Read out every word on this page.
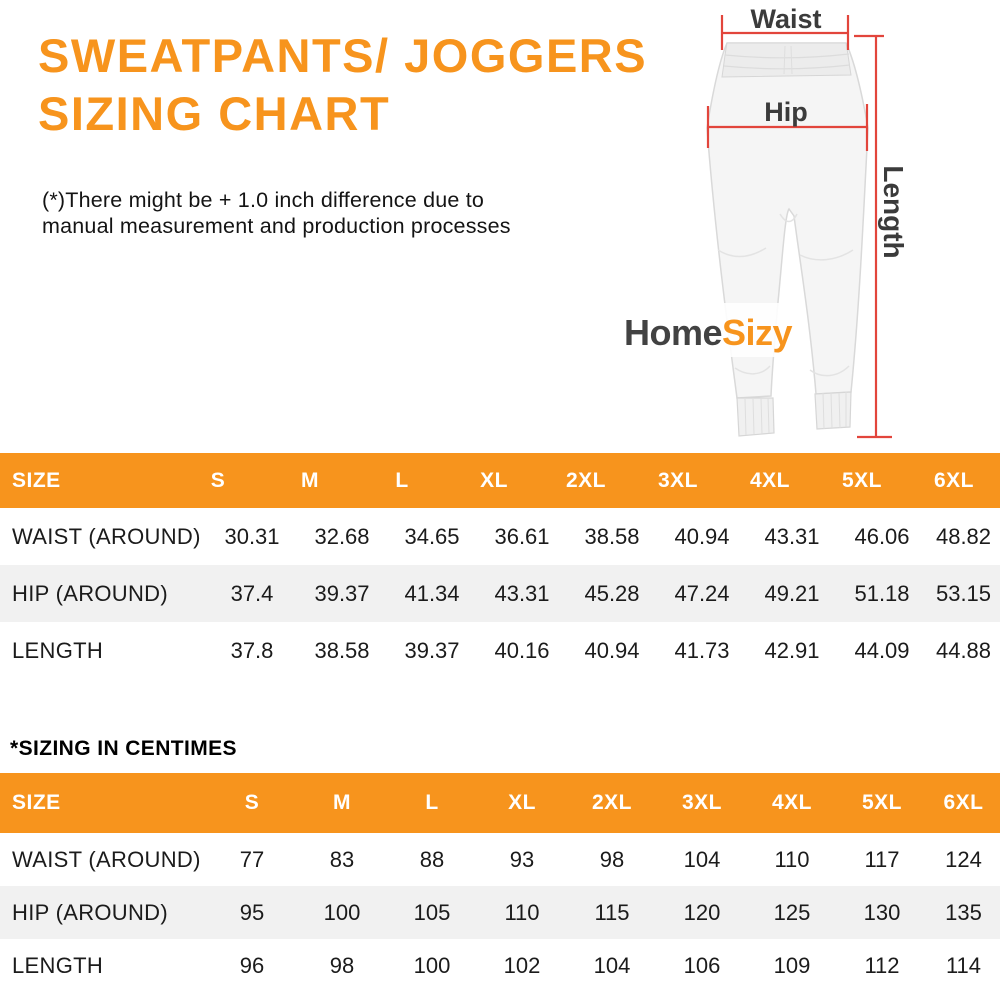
SWEATPANTS/ JOGGERS
SIZING CHART
(*)There might be + 1.0 inch difference due to
manual measurement and production processes
HomeSizy
Waist
Hip
Length
SIZE	S	M	L	XL	2XL	3XL	4XL	5XL	6XL
WAIST (AROUND)	30.31	32.68	34.65	36.61	38.58	40.94	43.31	46.06	48.82
HIP (AROUND)	37.4	39.37	41.34	43.31	45.28	47.24	49.21	51.18	53.15
LENGTH	37.8	38.58	39.37	40.16	40.94	41.73	42.91	44.09	44.88
*SIZING IN CENTIMES
SIZE	S	M	L	XL	2XL	3XL	4XL	5XL	6XL
WAIST (AROUND)	77	83	88	93	98	104	110	117	124
HIP (AROUND)	95	100	105	110	115	120	125	130	135
LENGTH	96	98	100	102	104	106	109	112	114
